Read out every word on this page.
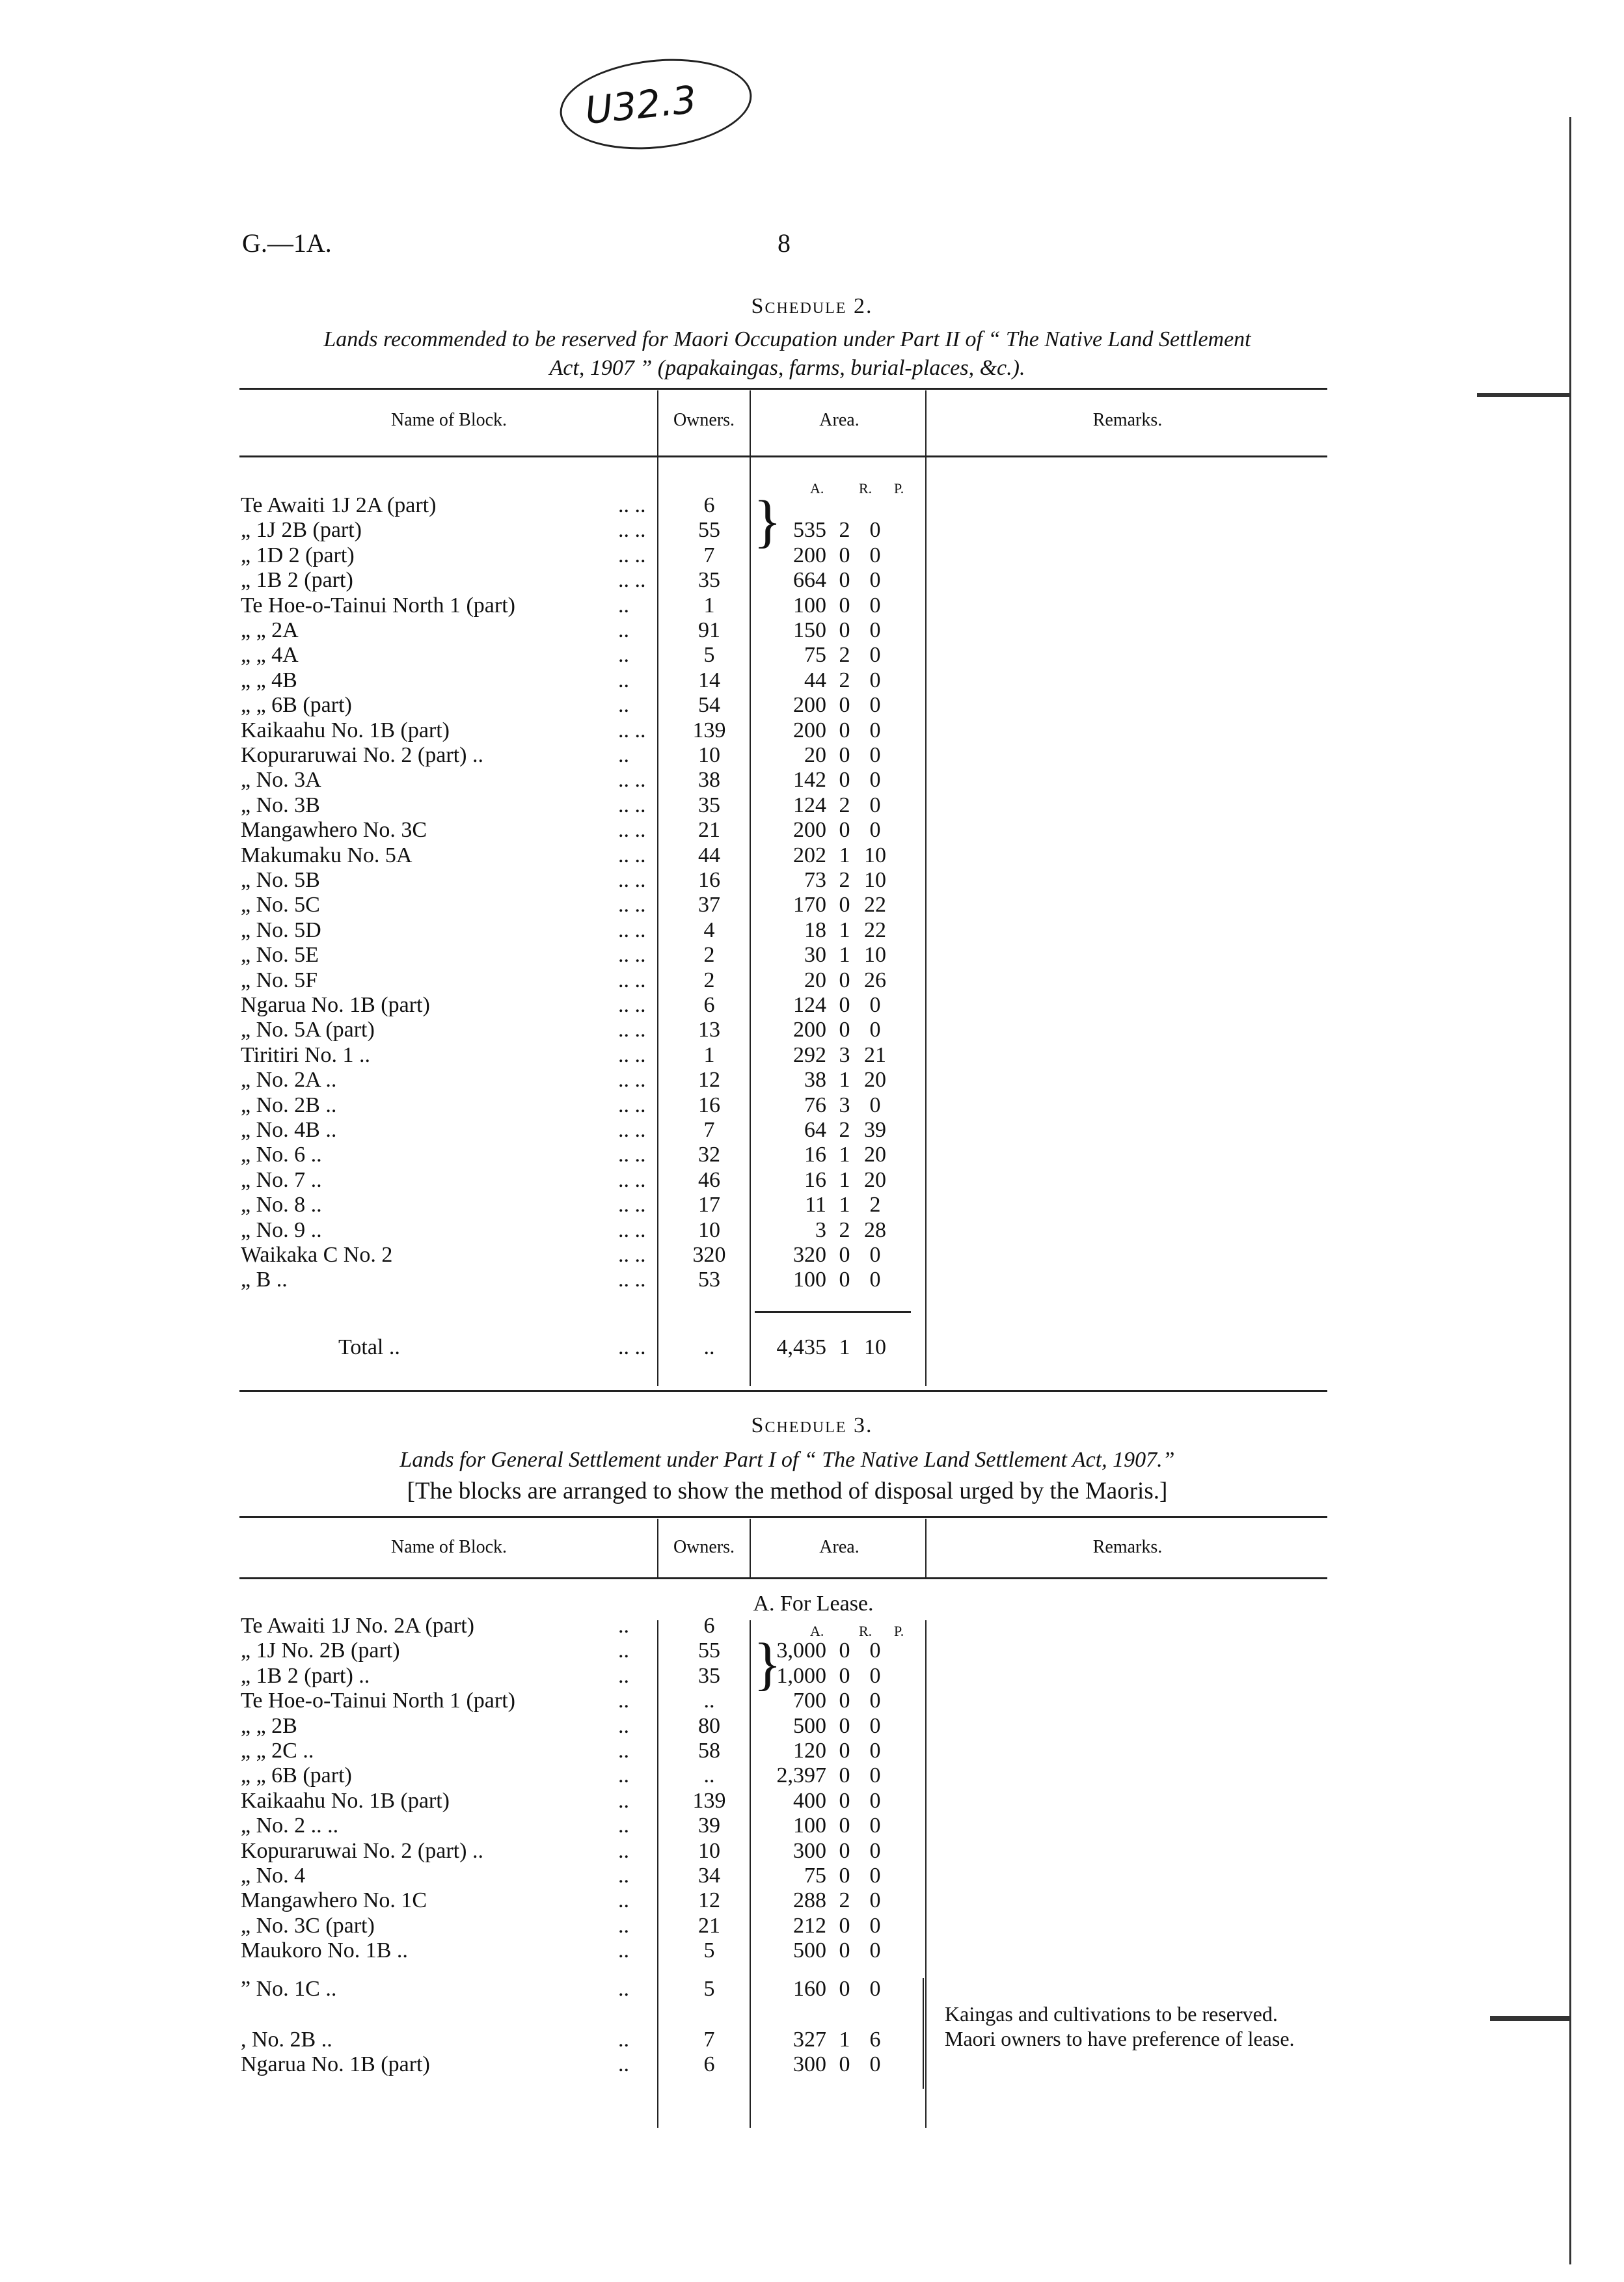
U32.3
G.—1A.	8
Schedule 2.
Lands recommended to be reserved for Maori Occupation under Part II of “ The Native Land Settlement
Act, 1907 ” (papakaingas, farms, burial-places, &c.).
Name of Block.	Owners.	Area.	Remarks.
A. R. P.
Te Awaiti 1J 2A (part)	.. ..	6
„ 1J 2B (part)	.. ..	55	535 2 0
„ 1D 2 (part)	.. ..	7	200 0 0
„ 1B 2 (part)	.. ..	35	664 0 0
Te Hoe-o-Tainui North 1 (part)	..	1	100 0 0
„ „ 2A	..	91	150 0 0
„ „ 4A	..	5	75 2 0
„ „ 4B	..	14	44 2 0
„ „ 6B (part)	..	54	200 0 0
Kaikaahu No. 1B (part)	.. ..	139	200 0 0
Kopuraruwai No. 2 (part) ..	..	10	20 0 0
„ No. 3A	.. ..	38	142 0 0
„ No. 3B	.. ..	35	124 2 0
Mangawhero No. 3C	.. ..	21	200 0 0
Makumaku No. 5A	.. ..	44	202 1 10
„ No. 5B	.. ..	16	73 2 10
„ No. 5C	.. ..	37	170 0 22
„ No. 5D	.. ..	4	18 1 22
„ No. 5E	.. ..	2	30 1 10
„ No. 5F	.. ..	2	20 0 26
Ngarua No. 1B (part)	.. ..	6	124 0 0
„ No. 5A (part)	.. ..	13	200 0 0
Tiritiri No. 1 ..	.. ..	1	292 3 21
„ No. 2A ..	.. ..	12	38 1 20
„ No. 2B ..	.. ..	16	76 3 0
„ No. 4B ..	.. ..	7	64 2 39
„ No. 6 ..	.. ..	32	16 1 20
„ No. 7 ..	.. ..	46	16 1 20
„ No. 8 ..	.. ..	17	11 1 2
„ No. 9 ..	.. ..	10	3 2 28
Waikaka C No. 2	.. ..	320	320 0 0
„ B ..	.. ..	53	100 0 0
}
Total ..	.. ..	..	4,435 1 10
Schedule 3.
Lands for General Settlement under Part I of “ The Native Land Settlement Act, 1907.”
[The blocks are arranged to show the method of disposal urged by the Maoris.]
Name of Block.	Owners.	Area.	Remarks.
A. For Lease.
A. R. P.
Te Awaiti 1J No. 2A (part)	..	6
„ 1J No. 2B (part)	..	55	3,000 0 0
„ 1B 2 (part) ..	..	35	1,000 0 0
Te Hoe-o-Tainui North 1 (part)	..	..	700 0 0
„ „ 2B	..	80	500 0 0
„ „ 2C ..	..	58	120 0 0
„ „ 6B (part)	..	..	2,397 0 0
Kaikaahu No. 1B (part)	..	139	400 0 0
„ No. 2 .. ..	..	39	100 0 0
Kopuraruwai No. 2 (part) ..	..	10	300 0 0
„ No. 4	..	34	75 0 0
Mangawhero No. 1C	..	12	288 2 0
„ No. 3C (part)	..	21	212 0 0
Maukoro No. 1B ..	..	5	500 0 0
” No. 1C ..	..	5	160 0 0
, No. 2B ..	..	7	327 1 6
Ngarua No. 1B (part)	..	6	300 0 0
}
Kaingas and cultivations to be reserved. Maori owners to have preference of lease.
